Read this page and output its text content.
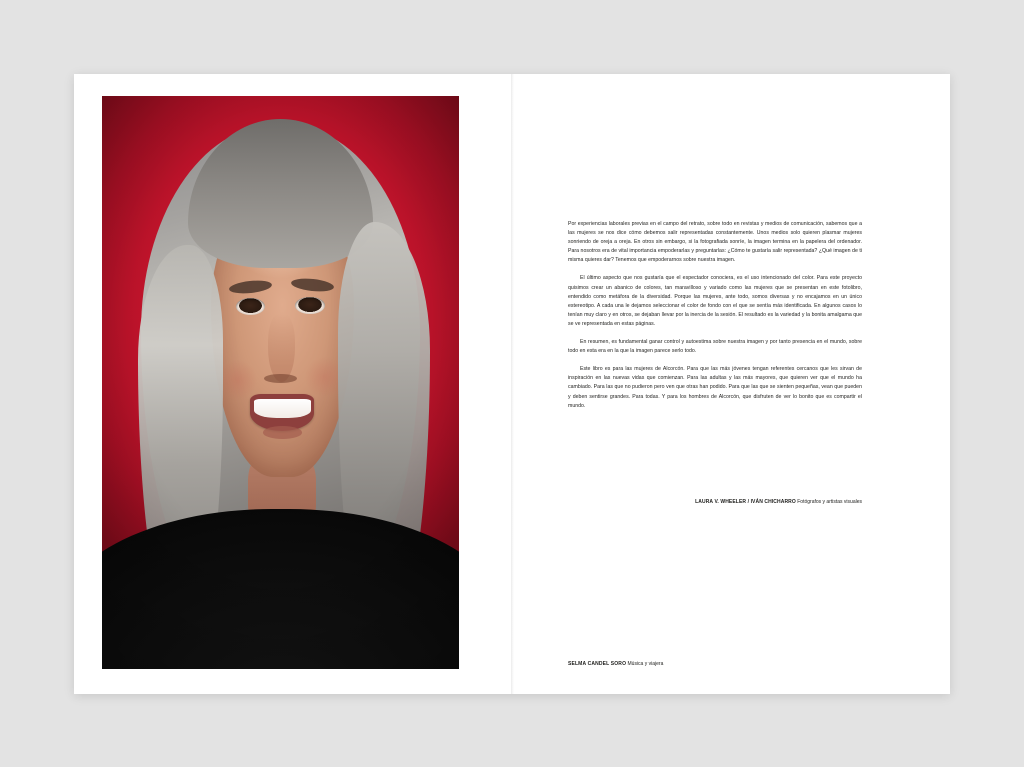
Por experiencias laborales previas en el campo del retrato, sobre todo en revistas y medios de comunicación, sabemos que a las mujeres se nos dice cómo debemos salir representadas constantemente. Unos medios solo quieren plasmar mujeres sonriendo de oreja a oreja. En otros sin embargo, si la fotografiada sonríe, la imagen termina en la papelera del ordenador. Para nosotros era de vital importancia empoderarlas y preguntarlas: ¿Cómo te gustaría salir representada? ¿Qué imagen de ti misma quieres dar? Tenemos que empoderarnos sobre nuestra imagen.

El último aspecto que nos gustaría que el espectador conociera, es el uso intencionado del color. Para este proyecto quisimos crear un abanico de colores, tan maravilloso y variado como las mujeres que se presentan en este fotolibro, entendido como metáfora de la diversidad. Porque las mujeres, ante todo, somos diversas y no encajamos en un único estereotipo. A cada una le dejamos seleccionar el color de fondo con el que se sentía más identificada. En algunos casos lo tenían muy claro y en otros, se dejaban llevar por la inercia de la sesión. El resultado es la variedad y la bonita amalgama que se ve representada en estas páginas.

En resumen, es fundamental ganar control y autoestima sobre nuestra imagen y por tanto presencia en el mundo, sobre todo en esta era en la que la imagen parece serlo todo.

Este libro es para las mujeres de Alcorcón. Para que las más jóvenes tengan referentes cercanos que les sirvan de inspiración en las nuevas vidas que comienzan. Para las adultas y las más mayores, que quieren ver que el mundo ha cambiado. Para las que no pudieron pero ven que otras han podido. Para que las que se sienten pequeñas, vean que pueden y deben sentirse grandes. Para todas. Y para los hombres de Alcorcón, que disfruten de ver lo bonito que es compartir el mundo.

LAURA V. WHEELER / IVÁN CHICHARRO Fotógrafos y artistas visuales
SELMA CANDEL SORO Música y viajera
